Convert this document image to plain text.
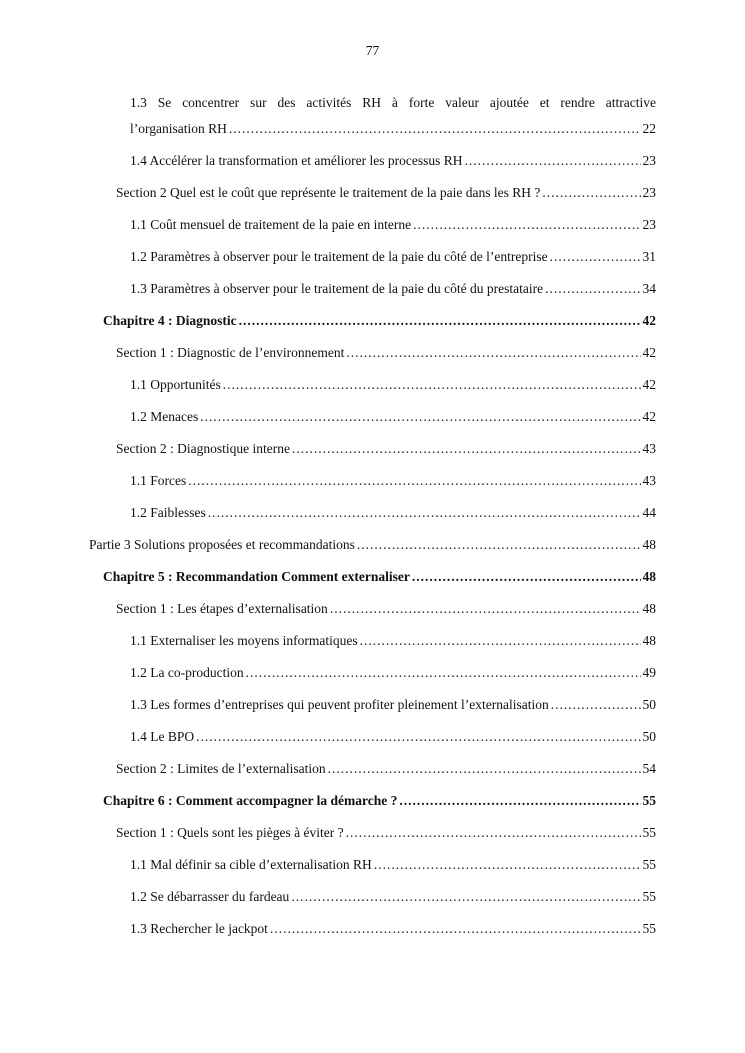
77
1.3 Se concentrer sur des activités RH à forte valeur ajoutée et rendre attractive
l’organisation RH .....	22
1.4 Accélérer la transformation et améliorer les processus RH .....	23
Section 2 Quel est le coût que représente le traitement de la paie dans les RH ? .....	23
1.1 Coût mensuel de traitement de la paie en interne .....	23
1.2 Paramètres à observer pour le traitement de la paie du côté de l’entreprise .....	31
1.3 Paramètres à observer pour le traitement de la paie du côté du prestataire .....	34
Chapitre 4 : Diagnostic .....	42
Section 1 : Diagnostic de l’environnement .....	42
1.1 Opportunités .....	42
1.2 Menaces .....	42
Section 2 : Diagnostique interne .....	43
1.1 Forces .....	43
1.2 Faiblesses .....	44
Partie 3 Solutions proposées et recommandations .....	48
Chapitre 5 : Recommandation Comment externaliser .....	48
Section 1 : Les étapes d’externalisation .....	48
1.1 Externaliser les moyens informatiques .....	48
1.2 La co-production .....	49
1.3 Les formes d’entreprises qui peuvent profiter pleinement l’externalisation .....	50
1.4 Le BPO .....	50
Section 2 : Limites de l’externalisation .....	54
Chapitre 6 : Comment accompagner la démarche ? .....	55
Section 1 : Quels sont les pièges à éviter ? .....	55
1.1 Mal définir sa cible d’externalisation RH .....	55
1.2 Se débarrasser du fardeau .....	55
1.3 Rechercher le jackpot .....	55
